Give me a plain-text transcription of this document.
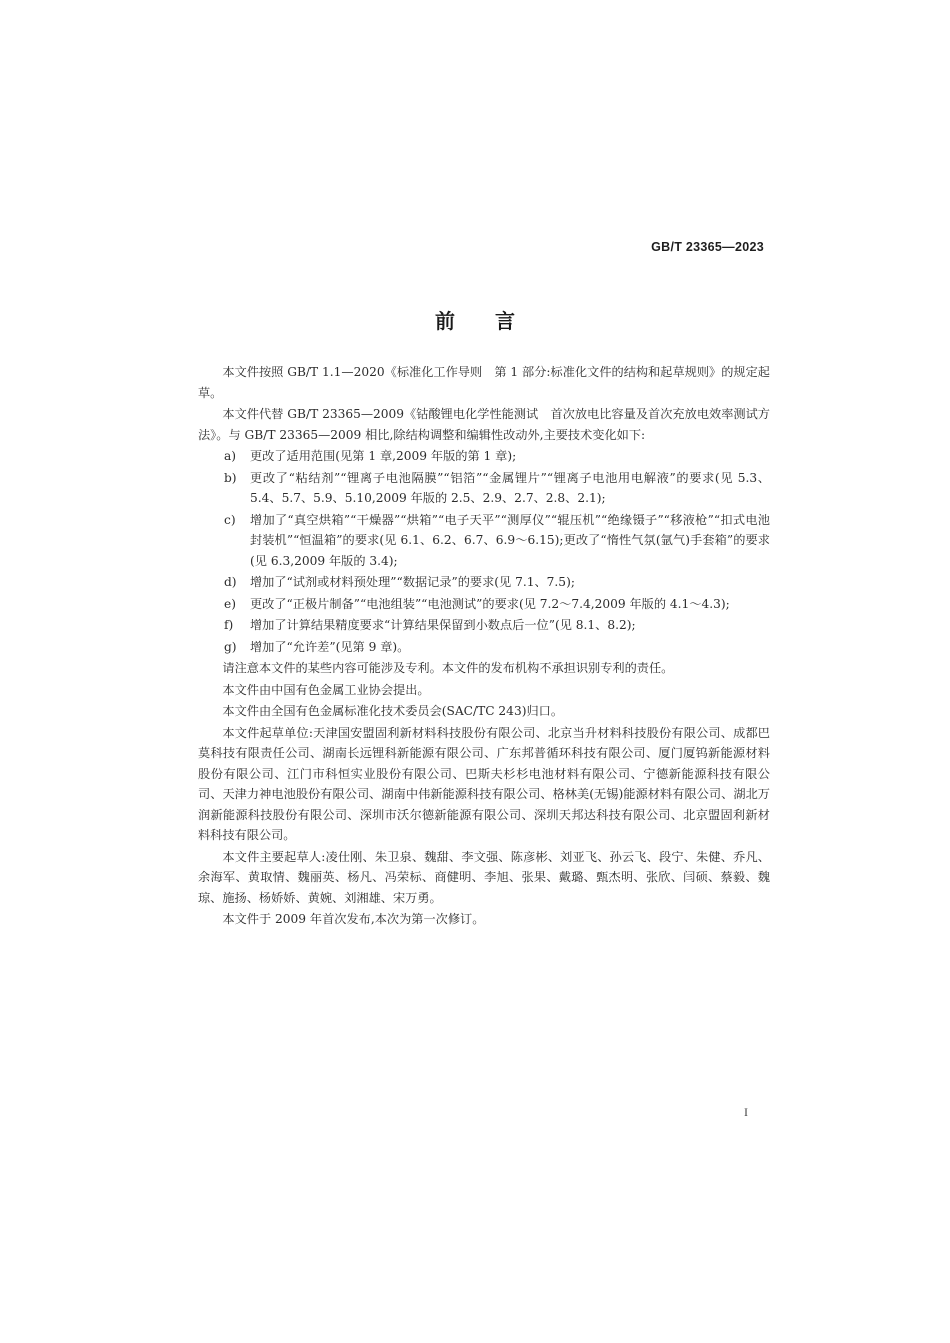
GB/T 23365—2023
前言

本文件按照 GB/T 1.1—2020《标准化工作导则　第 1 部分:标准化文件的结构和起草规则》的规定起草。

本文件代替 GB/T 23365—2009《钴酸锂电化学性能测试　首次放电比容量及首次充放电效率测试方法》。与 GB/T 23365—2009 相比,除结构调整和编辑性改动外,主要技术变化如下:

a) 更改了适用范围(见第 1 章,2009 年版的第 1 章);
b) 更改了“粘结剂”“锂离子电池隔膜”“铝箔”“金属锂片”“锂离子电池用电解液”的要求(见 5.3、5.4、5.7、5.9、5.10,2009 年版的 2.5、2.9、2.7、2.8、2.1);
c) 增加了“真空烘箱”“干燥器”“烘箱”“电子天平”“测厚仪”“辊压机”“绝缘镊子”“移液枪”“扣式电池封装机”“恒温箱”的要求(见 6.1、6.2、6.7、6.9～6.15);更改了“惰性气氛(氩气)手套箱”的要求(见 6.3,2009 年版的 3.4);
d) 增加了“试剂或材料预处理”“数据记录”的要求(见 7.1、7.5);
e) 更改了“正极片制备”“电池组装”“电池测试”的要求(见 7.2～7.4,2009 年版的 4.1～4.3);
f) 增加了计算结果精度要求“计算结果保留到小数点后一位”(见 8.1、8.2);
g) 增加了“允许差”(见第 9 章)。

请注意本文件的某些内容可能涉及专利。本文件的发布机构不承担识别专利的责任。

本文件由中国有色金属工业协会提出。

本文件由全国有色金属标准化技术委员会(SAC/TC 243)归口。

本文件起草单位:天津国安盟固利新材料科技股份有限公司、北京当升材料科技股份有限公司、成都巴莫科技有限责任公司、湖南长远锂科新能源有限公司、广东邦普循环科技有限公司、厦门厦钨新能源材料股份有限公司、江门市科恒实业股份有限公司、巴斯夫杉杉电池材料有限公司、宁德新能源科技有限公司、天津力神电池股份有限公司、湖南中伟新能源科技有限公司、格林美(无锡)能源材料有限公司、湖北万润新能源科技股份有限公司、深圳市沃尔德新能源有限公司、深圳天邦达科技有限公司、北京盟固利新材料科技有限公司。

本文件主要起草人:凌仕刚、朱卫泉、魏甜、李文强、陈彦彬、刘亚飞、孙云飞、段宁、朱健、乔凡、余海军、黄取情、魏丽英、杨凡、冯荣标、商健明、李旭、张果、戴璐、甄杰明、张欣、闫硕、蔡毅、魏琼、施扬、杨娇娇、黄婉、刘湘雄、宋万勇。

本文件于 2009 年首次发布,本次为第一次修订。

I
